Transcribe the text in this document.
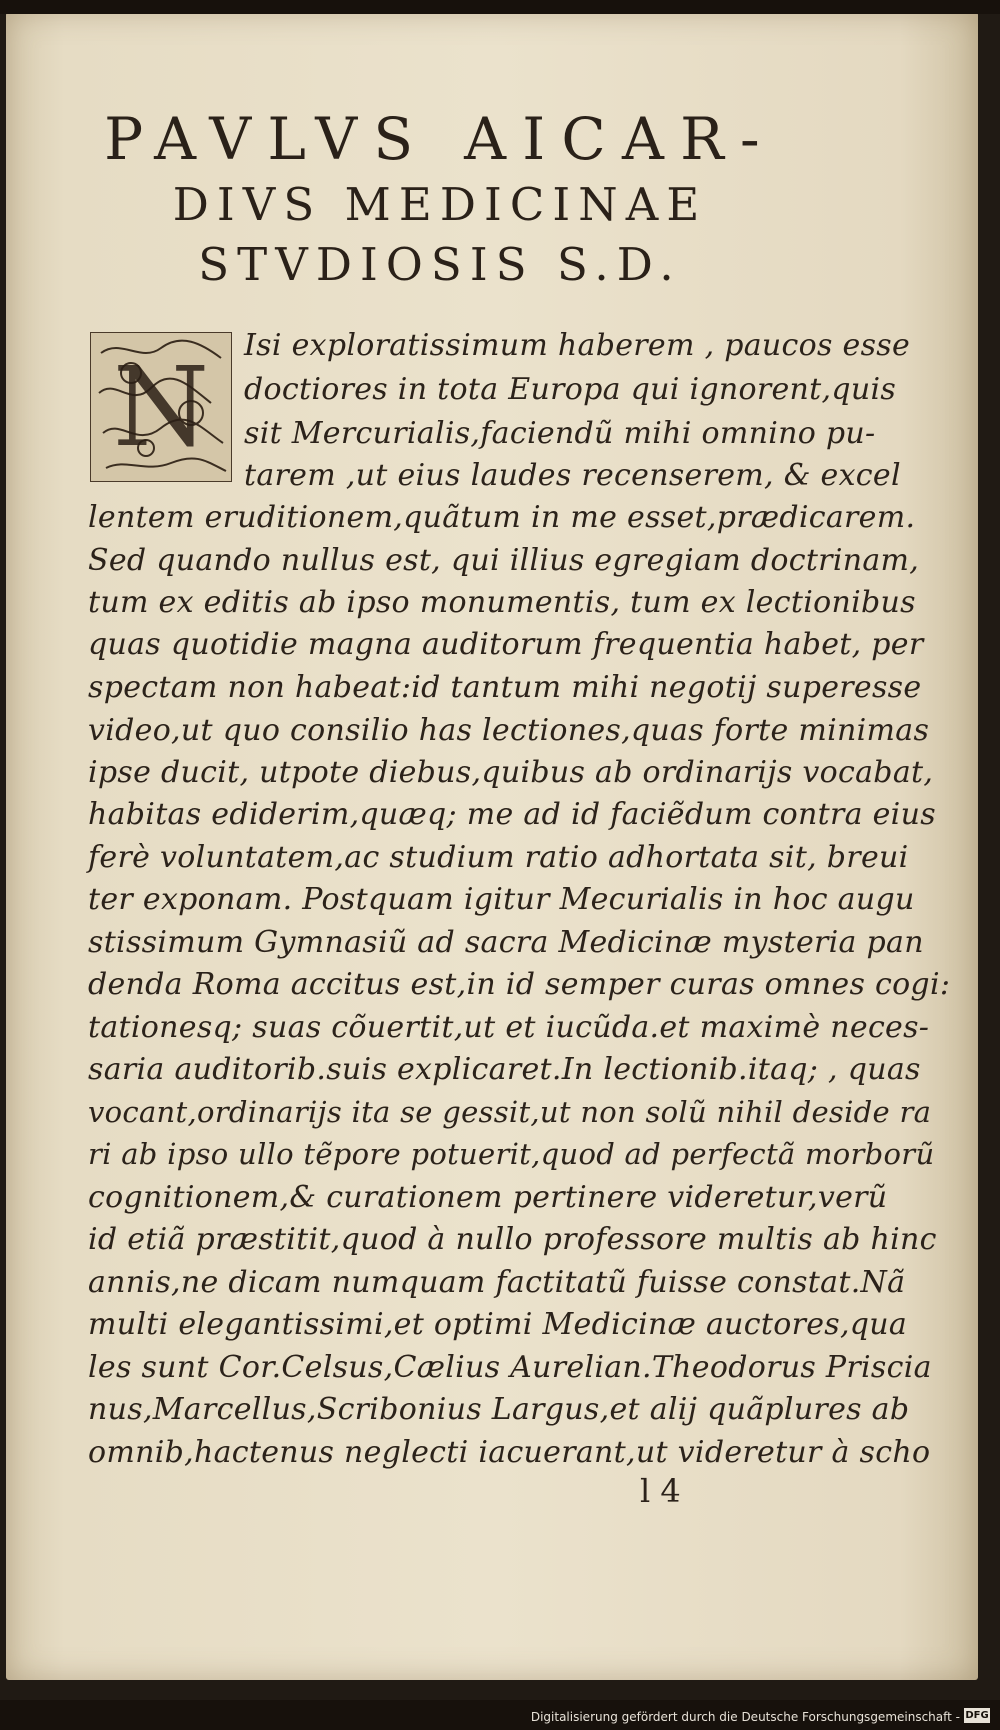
PAVLVS AICAR-
DIVS MEDICINAE
STVDIOSIS S.D.
N Isi exploratissimum haberem , paucos esse
doctiores in tota Europa qui ignorent,quis
sit Mercurialis,faciendũ mihi omnino pu-
tarem ,ut eius laudes recenserem, & excel
lentem eruditionem,quãtum in me esset,prædicarem.
Sed quando nullus est, qui illius egregiam doctrinam,
tum ex editis ab ipso monumentis, tum ex lectionibus
quas quotidie magna auditorum frequentia habet, per
spectam non habeat:id tantum mihi negotij superesse
video,ut quo consilio has lectiones,quas forte minimas
ipse ducit, utpote diebus,quibus ab ordinarijs vocabat,
habitas ediderim,quæq; me ad id faciẽdum contra eius
ferè voluntatem,ac studium ratio adhortata sit, breui
ter exponam. Postquam igitur Mecurialis in hoc augu
stissimum Gymnasiũ ad sacra Medicinæ mysteria pan
denda Roma accitus est,in id semper curas omnes cogi:
tationesq; suas cõuertit,ut et iucũda.et maximè neces-
saria auditorib.suis explicaret.In lectionib.itaq; , quas
vocant,ordinarijs ita se gessit,ut non solũ nihil deside ra
ri ab ipso ullo tẽpore potuerit,quod ad perfectã morborũ
cognitionem,& curationem pertinere videretur,verũ
id etiã præstitit,quod à nullo professore multis ab hinc
annis,ne dicam numquam factitatũ fuisse constat.Nã
multi elegantissimi,et optimi Medicinæ auctores,qua
les sunt Cor.Celsus,Cælius Aurelian.Theodorus Priscia
nus,Marcellus,Scribonius Largus,et alij quãplures ab
omnib,hactenus neglecti iacuerant,ut videretur à scho
l 4
Digitalisierung gefördert durch die Deutsche Forschungsgemeinschaft - DFG
